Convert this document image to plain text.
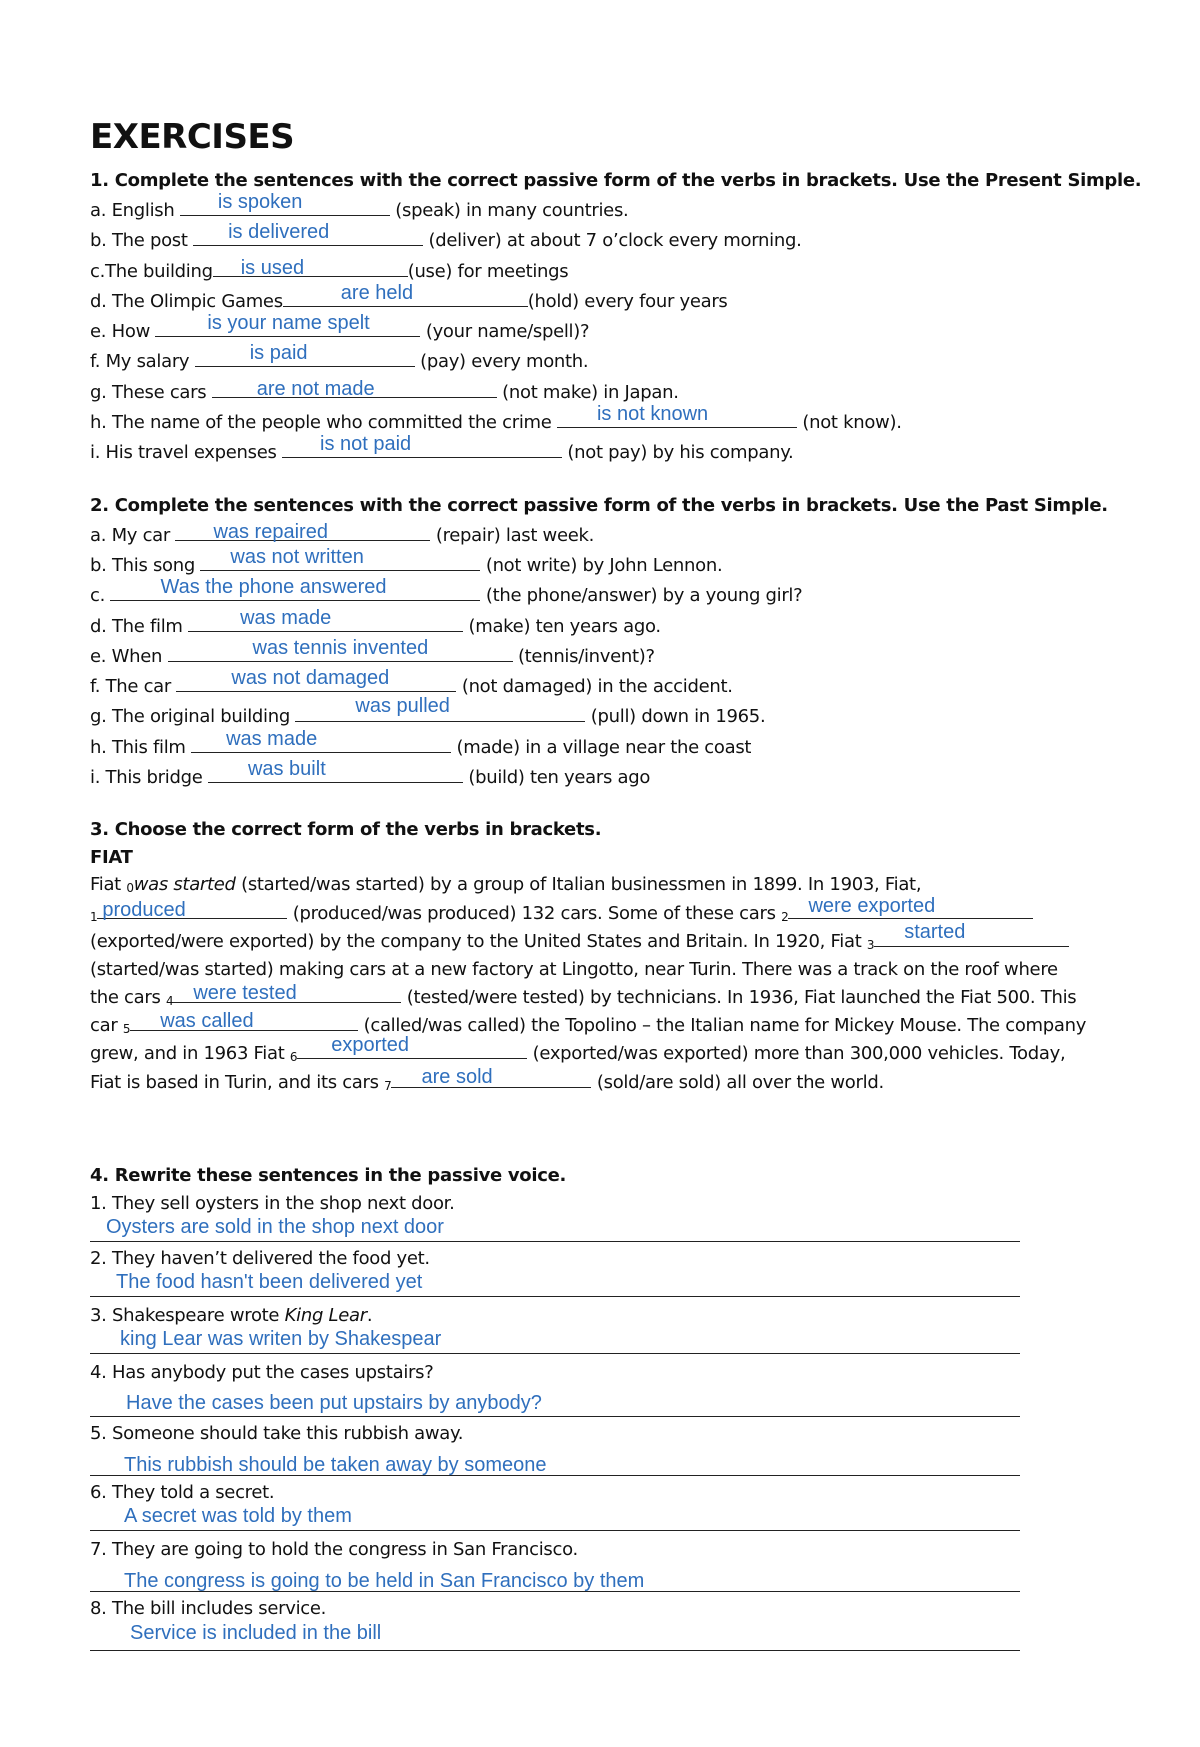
EXERCISES
1. Complete the sentences with the correct passive form of the verbs in brackets. Use the Present Simple.
a. English is spoken	(speak) in many countries.
b. The post is delivered	(deliver) at about 7 o’clock every morning.
c.The building is used	(use) for meetings
d. The Olimpic Games	are held	(hold) every four years
e. How	is your name spelt	(your name/spell)?
f. My salary	is paid	(pay) every month.
g. These cars are not made	(not make) in Japan.
h. The name of the people who committed the crime is not known	(not know).
i. His travel expenses is not paid	(not pay) by his company.
2. Complete the sentences with the correct passive form of the verbs in brackets. Use the Past Simple.
a. My car was repaired	(repair) last week.
b. This song was not written	(not write) by John Lennon.
c.	Was the phone answered	(the phone/answer) by a young girl?
d. The film	was made	(make) ten years ago.
e. When	was tennis invented	(tennis/invent)?
f. The car	was not damaged	(not damaged) in the accident.
g. The original building	was pulled	(pull) down in 1965.
h. This film was made	(made) in a village near the coast
i. This bridge was built	(build) ten years ago
3. Choose the correct form of the verbs in brackets.
FIAT
Fiat 0was started (started/was started) by a group of Italian businessmen in 1899. In 1903, Fiat,
1 produced	(produced/was produced) 132 cars. Some of these cars 2 were exported
(exported/were exported) by the company to the United States and Britain. In 1920, Fiat 3
started
(started/was started) making cars at a new factory at Lingotto, near Turin. There was a track on the roof where
the cars 4 were tested	(tested/were tested) by technicians. In 1936, Fiat launched the Fiat 500. This
car 5 was called	(called/was called) the Topolino – the Italian name for Mickey Mouse. The company
grew, and in 1963 Fiat 6
exported	(exported/was exported) more than 300,000 vehicles. Today,
Fiat is based in Turin, and its cars 7 are sold	(sold/are sold) all over the world.
4. Rewrite these sentences in the passive voice.
1. They sell oysters in the shop next door.
Oysters are sold in the shop next door
2. They haven’t delivered the food yet.
The food hasn't been delivered yet
3. Shakespeare wrote King Lear.
king Lear was writen by Shakespear
4. Has anybody put the cases upstairs?
Have the cases been put upstairs by anybody?
5. Someone should take this rubbish away.
This rubbish should be taken away by someone
6. They told a secret.
A secret was told by them
7. They are going to hold the congress in San Francisco.
The congress is going to be held in San Francisco by them
8. The bill includes service.
Service is included in the bill
